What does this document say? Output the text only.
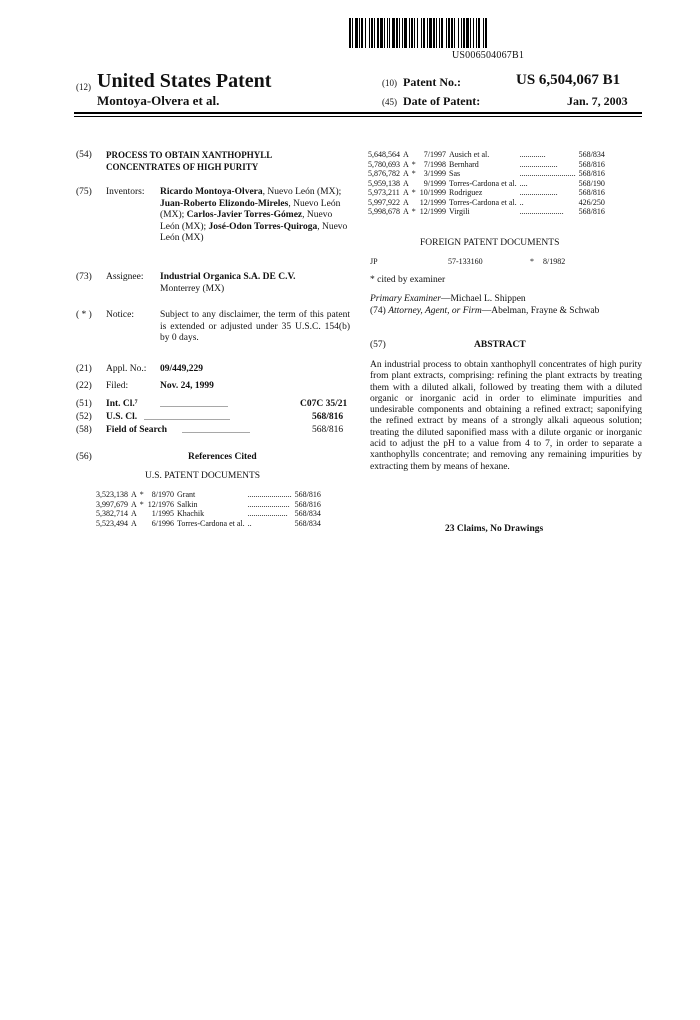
US006504067B1
(12) United States Patent
Montoya-Olvera et al.
(10) Patent No.:	US 6,504,067 B1
(45) Date of Patent:	Jan. 7, 2003
(54) PROCESS TO OBTAIN XANTHOPHYLL CONCENTRATES OF HIGH PURITY
(75) Inventors: Ricardo Montoya-Olvera, Nuevo León (MX); Juan-Roberto Elizondo-Mireles, Nuevo León (MX); Carlos-Javier Torres-Gómez, Nuevo León (MX); José-Odon Torres-Quiroga, Nuevo León (MX)
(73) Assignee: Industrial Organica S.A. DE C.V.
Monterrey (MX)
( * ) Notice:	Subject to any disclaimer, the term of this patent is extended or adjusted under 35 U.S.C. 154(b) by 0 days.
(21) Appl. No.: 09/449,229
(22) Filed:	Nov. 24, 1999
(51) Int. Cl.⁷	..................................	C07C 35/21
(52) U.S. Cl. ...........................................	568/816
(58) Field of Search ..................................	568/816
(56)	References Cited
U.S. PATENT DOCUMENTS
3,523,138	A	*	8/1970	Grant	......................	568/816
3,997,679	A	*	12/1976	Salkin	.....................	568/816
5,382,714	A		1/1995	Khachik	....................	568/834
5,523,494	A		6/1996	Torres-Cardona et al.	..	568/834
5,648,564	A		7/1997	Ausich et al.	.............	568/834
5,780,693	A	*	7/1998	Bernhard	...................	568/816
5,876,782	A	*	3/1999	Sas	............................	568/816
5,959,138	A		9/1999	Torres-Cardona et al.	....	568/190
5,973,211	A	*	10/1999	Rodriguez	...................	568/816
5,997,922	A		12/1999	Torres-Cardona et al.	..	426/250
5,998,678	A	*	12/1999	Virgili	......................	568/816
FOREIGN PATENT DOCUMENTS
JP	57-133160	* 8/1982
* cited by examiner
Primary Examiner—Michael L. Shippen
(74) Attorney, Agent, or Firm—Abelman, Frayne & Schwab
(57)	ABSTRACT
An industrial process to obtain xanthophyll concentrates of high purity from plant extracts, comprising: refining the plant extracts by treating them with a diluted alkali, followed by treating them with a diluted organic or inorganic acid in order to eliminate impurities and undesirable components and obtaining a refined extract; saponifying the refined extract by means of a strongly alkali aqueous solution; treating the diluted saponified mass with a dilute organic or inorganic acid to adjust the pH to a value from 4 to 7, in order to separate a xanthophylls concentrate; and removing any remaining impurities by extracting them by means of hexane.
23 Claims, No Drawings
